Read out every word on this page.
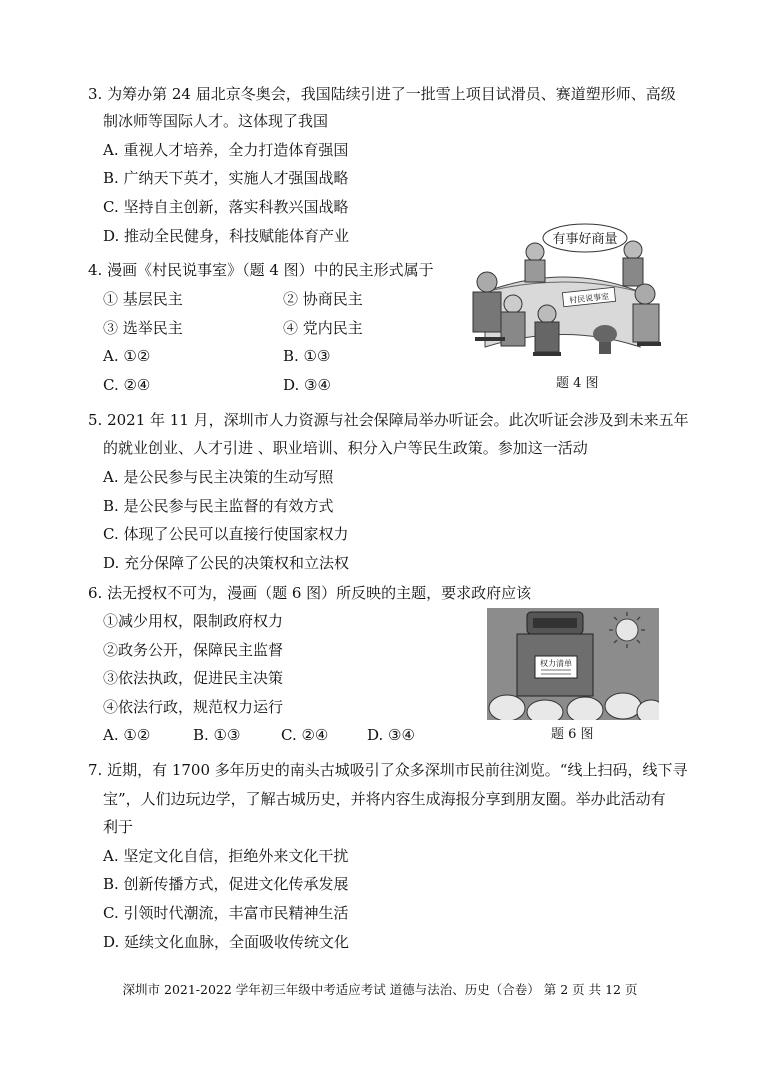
3. 为筹办第 24 届北京冬奥会，我国陆续引进了一批雪上项目试滑员、赛道塑形师、高级
制冰师等国际人才。这体现了我国
A. 重视人才培养，全力打造体育强国
B. 广纳天下英才，实施人才强国战略
C. 坚持自主创新，落实科教兴国战略
D. 推动全民健身，科技赋能体育产业
4. 漫画《村民说事室》（题 4 图）中的民主形式属于
① 基层民主	② 协商民主
③ 选举民主	④ 党内民主
A. ①②	B. ①③
C. ②④	D. ③④
有事好商量
村民说事室
题 4 图
5. 2021 年 11 月，深圳市人力资源与社会保障局举办听证会。此次听证会涉及到未来五年
的就业创业、人才引进 、职业培训、积分入户等民生政策。参加这一活动
A. 是公民参与民主决策的生动写照
B. 是公民参与民主监督的有效方式
C. 体现了公民可以直接行使国家权力
D. 充分保障了公民的决策权和立法权
6. 法无授权不可为，漫画（题 6 图）所反映的主题，要求政府应该
①减少用权，限制政府权力
②政务公开，保障民主监督
③依法执政，促进民主决策
④依法行政，规范权力运行
A. ①②	B. ①③	C. ②④	D. ③④
权力清单
题 6 图
7. 近期，有 1700 多年历史的南头古城吸引了众多深圳市民前往浏览。“线上扫码，线下寻
宝”，人们边玩边学，了解古城历史，并将内容生成海报分享到朋友圈。举办此活动有
利于
A. 坚定文化自信，拒绝外来文化干扰
B. 创新传播方式，促进文化传承发展
C. 引领时代潮流，丰富市民精神生活
D. 延续文化血脉，全面吸收传统文化
深圳市 2021-2022 学年初三年级中考适应考试 道德与法治、历史（合卷） 第 2 页 共 12 页
